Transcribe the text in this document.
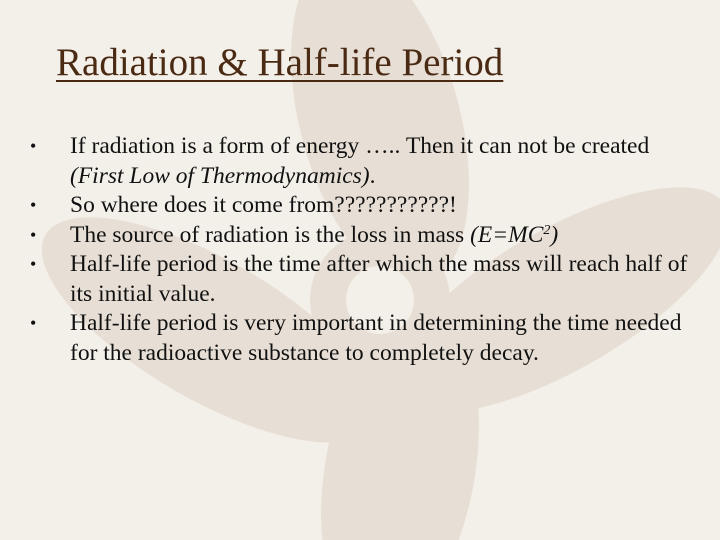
Radiation & Half-life Period
• If radiation is a form of energy ….. Then it can not be created (First Low of Thermodynamics).
• So where does it come from???????????!
• The source of radiation is the loss in mass $(E=MC^2)$
• Half-life period is the time after which the mass will reach half of its initial value.
• Half-life period is very important in determining the time needed for the radioactive substance to completely decay.
